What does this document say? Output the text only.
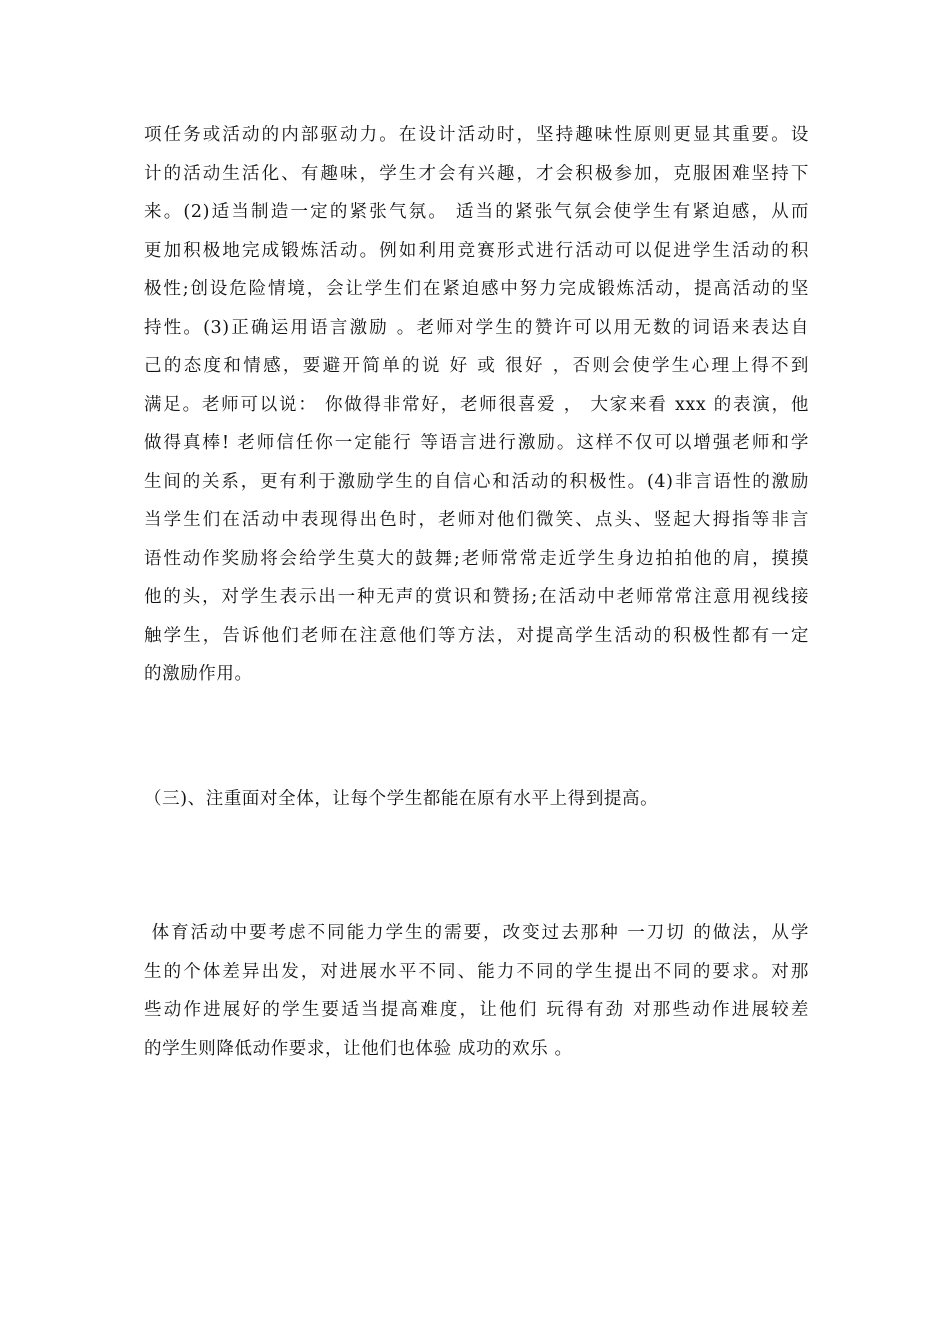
项任务或活动的内部驱动力。在设计活动时，坚持趣味性原则更显其重要。设
计的活动生活化、有趣味，学生才会有兴趣，才会积极参加，克服困难坚持下
来。(2)适当制造一定的紧张气氛。 适当的紧张气氛会使学生有紧迫感，从而
更加积极地完成锻炼活动。例如利用竞赛形式进行活动可以促进学生活动的积
极性;创设危险情境，会让学生们在紧迫感中努力完成锻炼活动，提高活动的坚
持性。(3)正确运用语言激励 。老师对学生的赞许可以用无数的词语来表达自
己的态度和情感，要避开简单的说 好 或 很好 ，否则会使学生心理上得不到
满足。老师可以说： 你做得非常好，老师很喜爱 ， 大家来看 xxx 的表演，他
做得真棒! 老师信任你一定能行 等语言进行激励。这样不仅可以增强老师和学
生间的关系，更有利于激励学生的自信心和活动的积极性。(4)非言语性的激励
当学生们在活动中表现得出色时，老师对他们微笑、点头、竖起大拇指等非言
语性动作奖励将会给学生莫大的鼓舞;老师常常走近学生身边拍拍他的肩，摸摸
他的头，对学生表示出一种无声的赏识和赞扬;在活动中老师常常注意用视线接
触学生，告诉他们老师在注意他们等方法，对提高学生活动的积极性都有一定
的激励作用。
（三)、注重面对全体，让每个学生都能在原有水平上得到提高。
体育活动中要考虑不同能力学生的需要，改变过去那种 一刀切 的做法，从学
生的个体差异出发，对进展水平不同、能力不同的学生提出不同的要求。对那
些动作进展好的学生要适当提高难度，让他们 玩得有劲 对那些动作进展较差
的学生则降低动作要求，让他们也体验 成功的欢乐 。
